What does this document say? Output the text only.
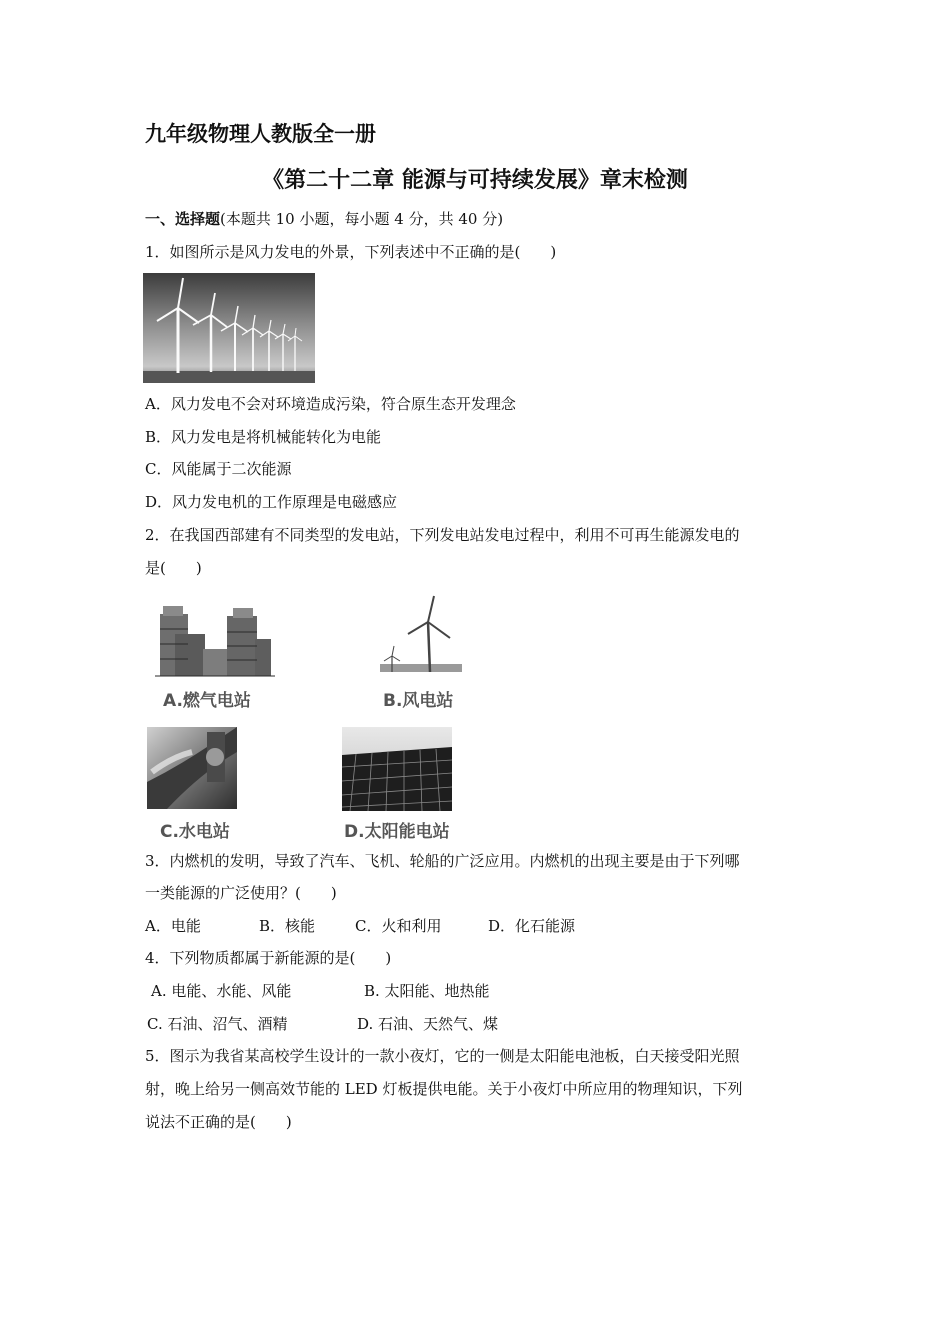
九年级物理人教版全一册
《第二十二章 能源与可持续发展》章末检测
一、选择题(本题共 10 小题，每小题 4 分，共 40 分)
1．如图所示是风力发电的外景，下列表述中不正确的是(　　)
A．风力发电不会对环境造成污染，符合原生态开发理念
B．风力发电是将机械能转化为电能
C．风能属于二次能源
D．风力发电机的工作原理是电磁感应
2．在我国西部建有不同类型的发电站，下列发电站发电过程中，利用不可再生能源发电的
是(　　)
A.燃气电站	B.风电站
C.水电站	D.太阳能电站
3．内燃机的发明，导致了汽车、飞机、轮船的广泛应用。内燃机的出现主要是由于下列哪
一类能源的广泛使用？(　　)
A．电能	B．核能	C．火和利用	D．化石能源
4．下列物质都属于新能源的是(　　)
A. 电能、水能、风能	B. 太阳能、地热能
C. 石油、沼气、酒精	D. 石油、天然气、煤
5．图示为我省某高校学生设计的一款小夜灯，它的一侧是太阳能电池板，白天接受阳光照
射，晚上给另一侧高效节能的 LED 灯板提供电能。关于小夜灯中所应用的物理知识，下列
说法不正确的是(　　)
